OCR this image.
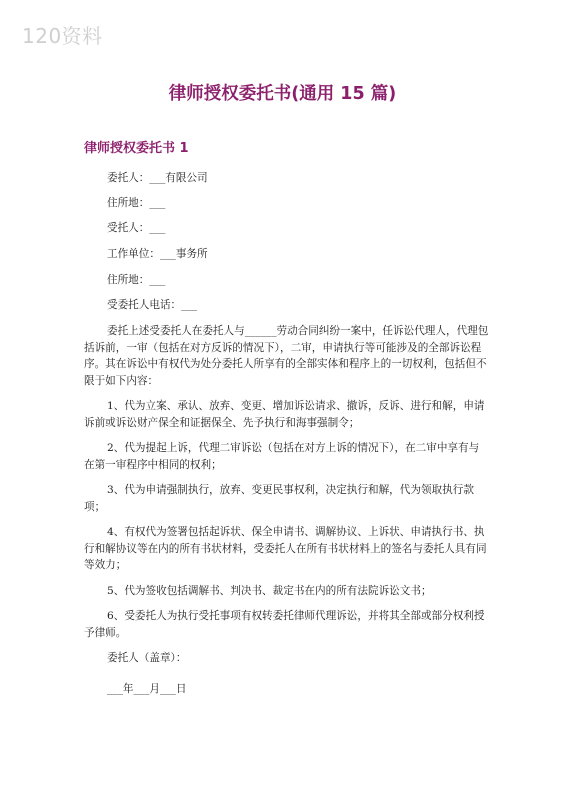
120资料
律师授权委托书(通用 15 篇)
律师授权委托书 1
委托人：___有限公司
住所地：___
受托人：___
工作单位：___事务所
住所地：___
受委托人电话：___

委托上述受委托人在委托人与______劳动合同纠纷一案中，任诉讼代理人，代理包括诉前，一审（包括在对方反诉的情况下），二审，申请执行等可能涉及的全部诉讼程序。其在诉讼中有权代为处分委托人所享有的全部实体和程序上的一切权利，包括但不限于如下内容：

1、代为立案、承认、放弃、变更、增加诉讼请求、撤诉，反诉、进行和解，申请诉前或诉讼财产保全和证据保全、先予执行和海事强制令；

2、代为提起上诉，代理二审诉讼（包括在对方上诉的情况下），在二审中享有与在第一审程序中相同的权利；

3、代为申请强制执行，放弃、变更民事权利，决定执行和解，代为领取执行款项；

4、有权代为签署包括起诉状、保全申请书、调解协议、上诉状、申请执行书、执行和解协议等在内的所有书状材料，受委托人在所有书状材料上的签名与委托人具有同等效力；

5、代为签收包括调解书、判决书、裁定书在内的所有法院诉讼文书；

6、受委托人为执行受托事项有权转委托律师代理诉讼，并将其全部或部分权利授予律师。

委托人（盖章）：

___年___月___日
